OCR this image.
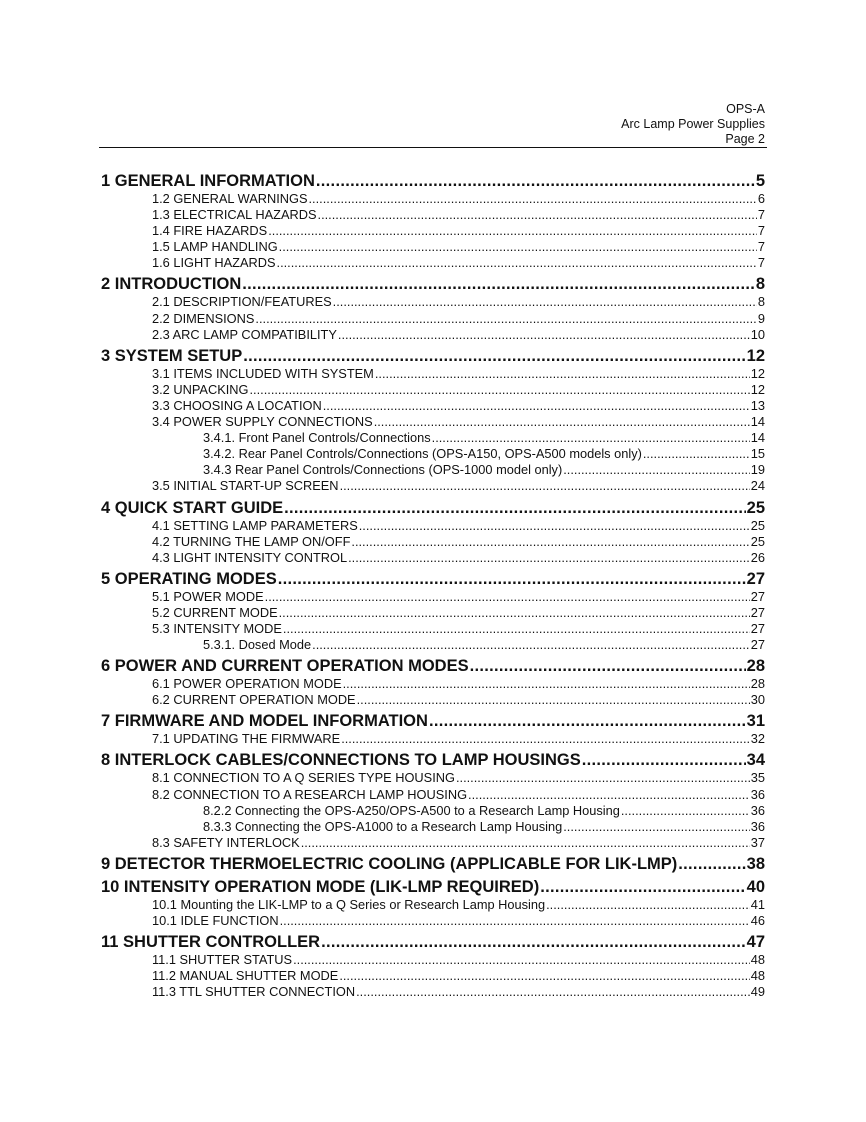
OPS-A
Arc Lamp Power Supplies
Page 2
1 GENERAL INFORMATION .....	5
1.2 GENERAL WARNINGS .....	6
1.3 ELECTRICAL HAZARDS .....	7
1.4 FIRE HAZARDS .....	7
1.5 LAMP HANDLING .....	7
1.6 LIGHT HAZARDS .....	7
2 INTRODUCTION .....	8
2.1 DESCRIPTION/FEATURES .....	8
2.2 DIMENSIONS .....	9
2.3 ARC LAMP COMPATIBILITY .....	10
3 SYSTEM SETUP .....	12
3.1 ITEMS INCLUDED WITH SYSTEM .....	12
3.2 UNPACKING .....	12
3.3 CHOOSING A LOCATION .....	13
3.4 POWER SUPPLY CONNECTIONS .....	14
3.4.1. Front Panel Controls/Connections .....	14
3.4.2. Rear Panel Controls/Connections (OPS-A150, OPS-A500 models only) .....	15
3.4.3 Rear Panel Controls/Connections (OPS-1000 model only) .....	19
3.5 INITIAL START-UP SCREEN .....	24
4 QUICK START GUIDE .....	25
4.1 SETTING LAMP PARAMETERS .....	25
4.2 TURNING THE LAMP ON/OFF .....	25
4.3 LIGHT INTENSITY CONTROL .....	26
5 OPERATING MODES .....	27
5.1 POWER MODE .....	27
5.2 CURRENT MODE .....	27
5.3 INTENSITY MODE .....	27
5.3.1. Dosed Mode .....	27
6 POWER AND CURRENT OPERATION MODES .....	28
6.1 POWER OPERATION MODE .....	28
6.2 CURRENT OPERATION MODE .....	30
7 FIRMWARE AND MODEL INFORMATION .....	31
7.1 UPDATING THE FIRMWARE .....	32
8 INTERLOCK CABLES/CONNECTIONS TO LAMP HOUSINGS .....	34
8.1 CONNECTION TO A Q SERIES TYPE HOUSING .....	35
8.2 CONNECTION TO A RESEARCH LAMP HOUSING .....	36
8.2.2 Connecting the OPS-A250/OPS-A500 to a Research Lamp Housing .....	36
8.3.3 Connecting the OPS-A1000 to a Research Lamp Housing .....	36
8.3 SAFETY INTERLOCK .....	37
9 DETECTOR THERMOELECTRIC COOLING (APPLICABLE FOR LIK-LMP) .....	38
10 INTENSITY OPERATION MODE (LIK-LMP REQUIRED) .....	40
10.1 Mounting the LIK-LMP to a Q Series or Research Lamp Housing .....	41
10.1 IDLE FUNCTION .....	46
11 SHUTTER CONTROLLER .....	47
11.1 SHUTTER STATUS .....	48
11.2 MANUAL SHUTTER MODE .....	48
11.3 TTL SHUTTER CONNECTION .....	49
